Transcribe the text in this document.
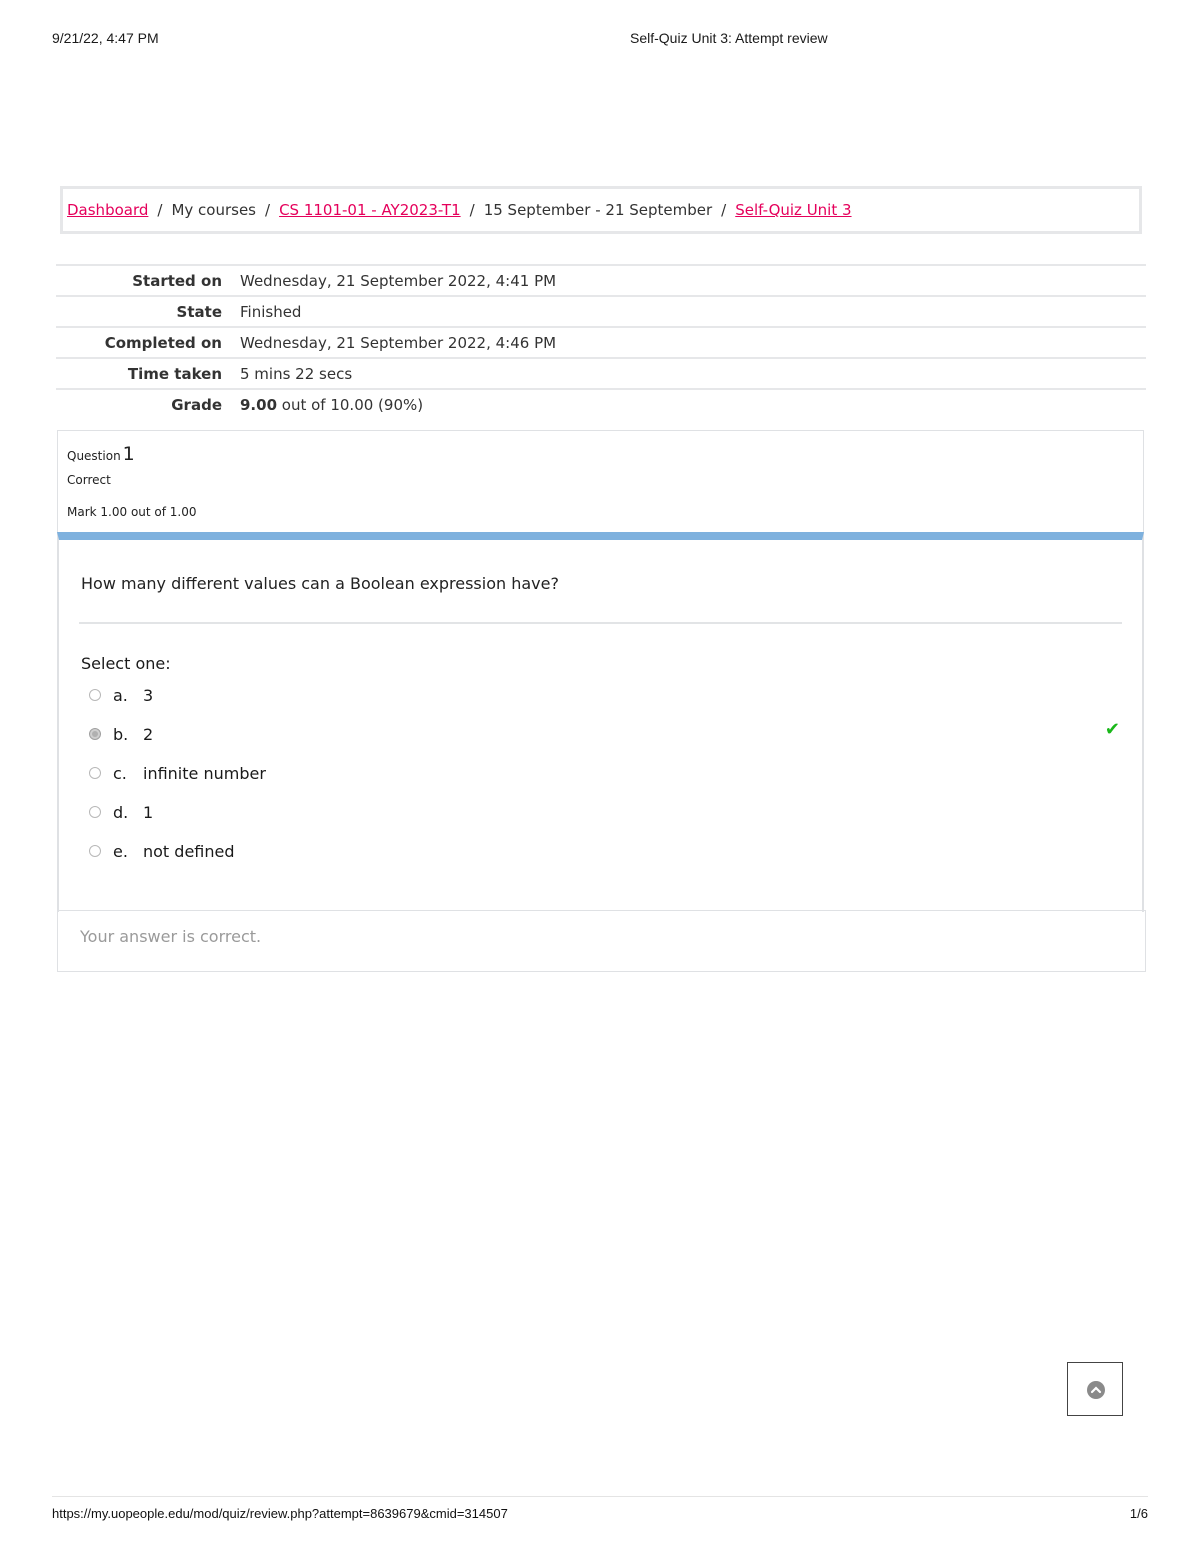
9/21/22, 4:47 PM	Self-Quiz Unit 3: Attempt review
Dashboard / My courses / CS 1101-01 - AY2023-T1 / 15 September - 21 September / Self-Quiz Unit 3
Started on	Wednesday, 21 September 2022, 4:41 PM
State	Finished
Completed on	Wednesday, 21 September 2022, 4:46 PM
Time taken	5 mins 22 secs
Grade	9.00 out of 10.00 (90%)
Question 1
Correct
Mark 1.00 out of 1.00
How many different values can a Boolean expression have?
Select one:
a. 3
b. 2	✔
c. infinite number
d. 1
e. not defined
Your answer is correct.
https://my.uopeople.edu/mod/quiz/review.php?attempt=8639679&cmid=314507	1/6
